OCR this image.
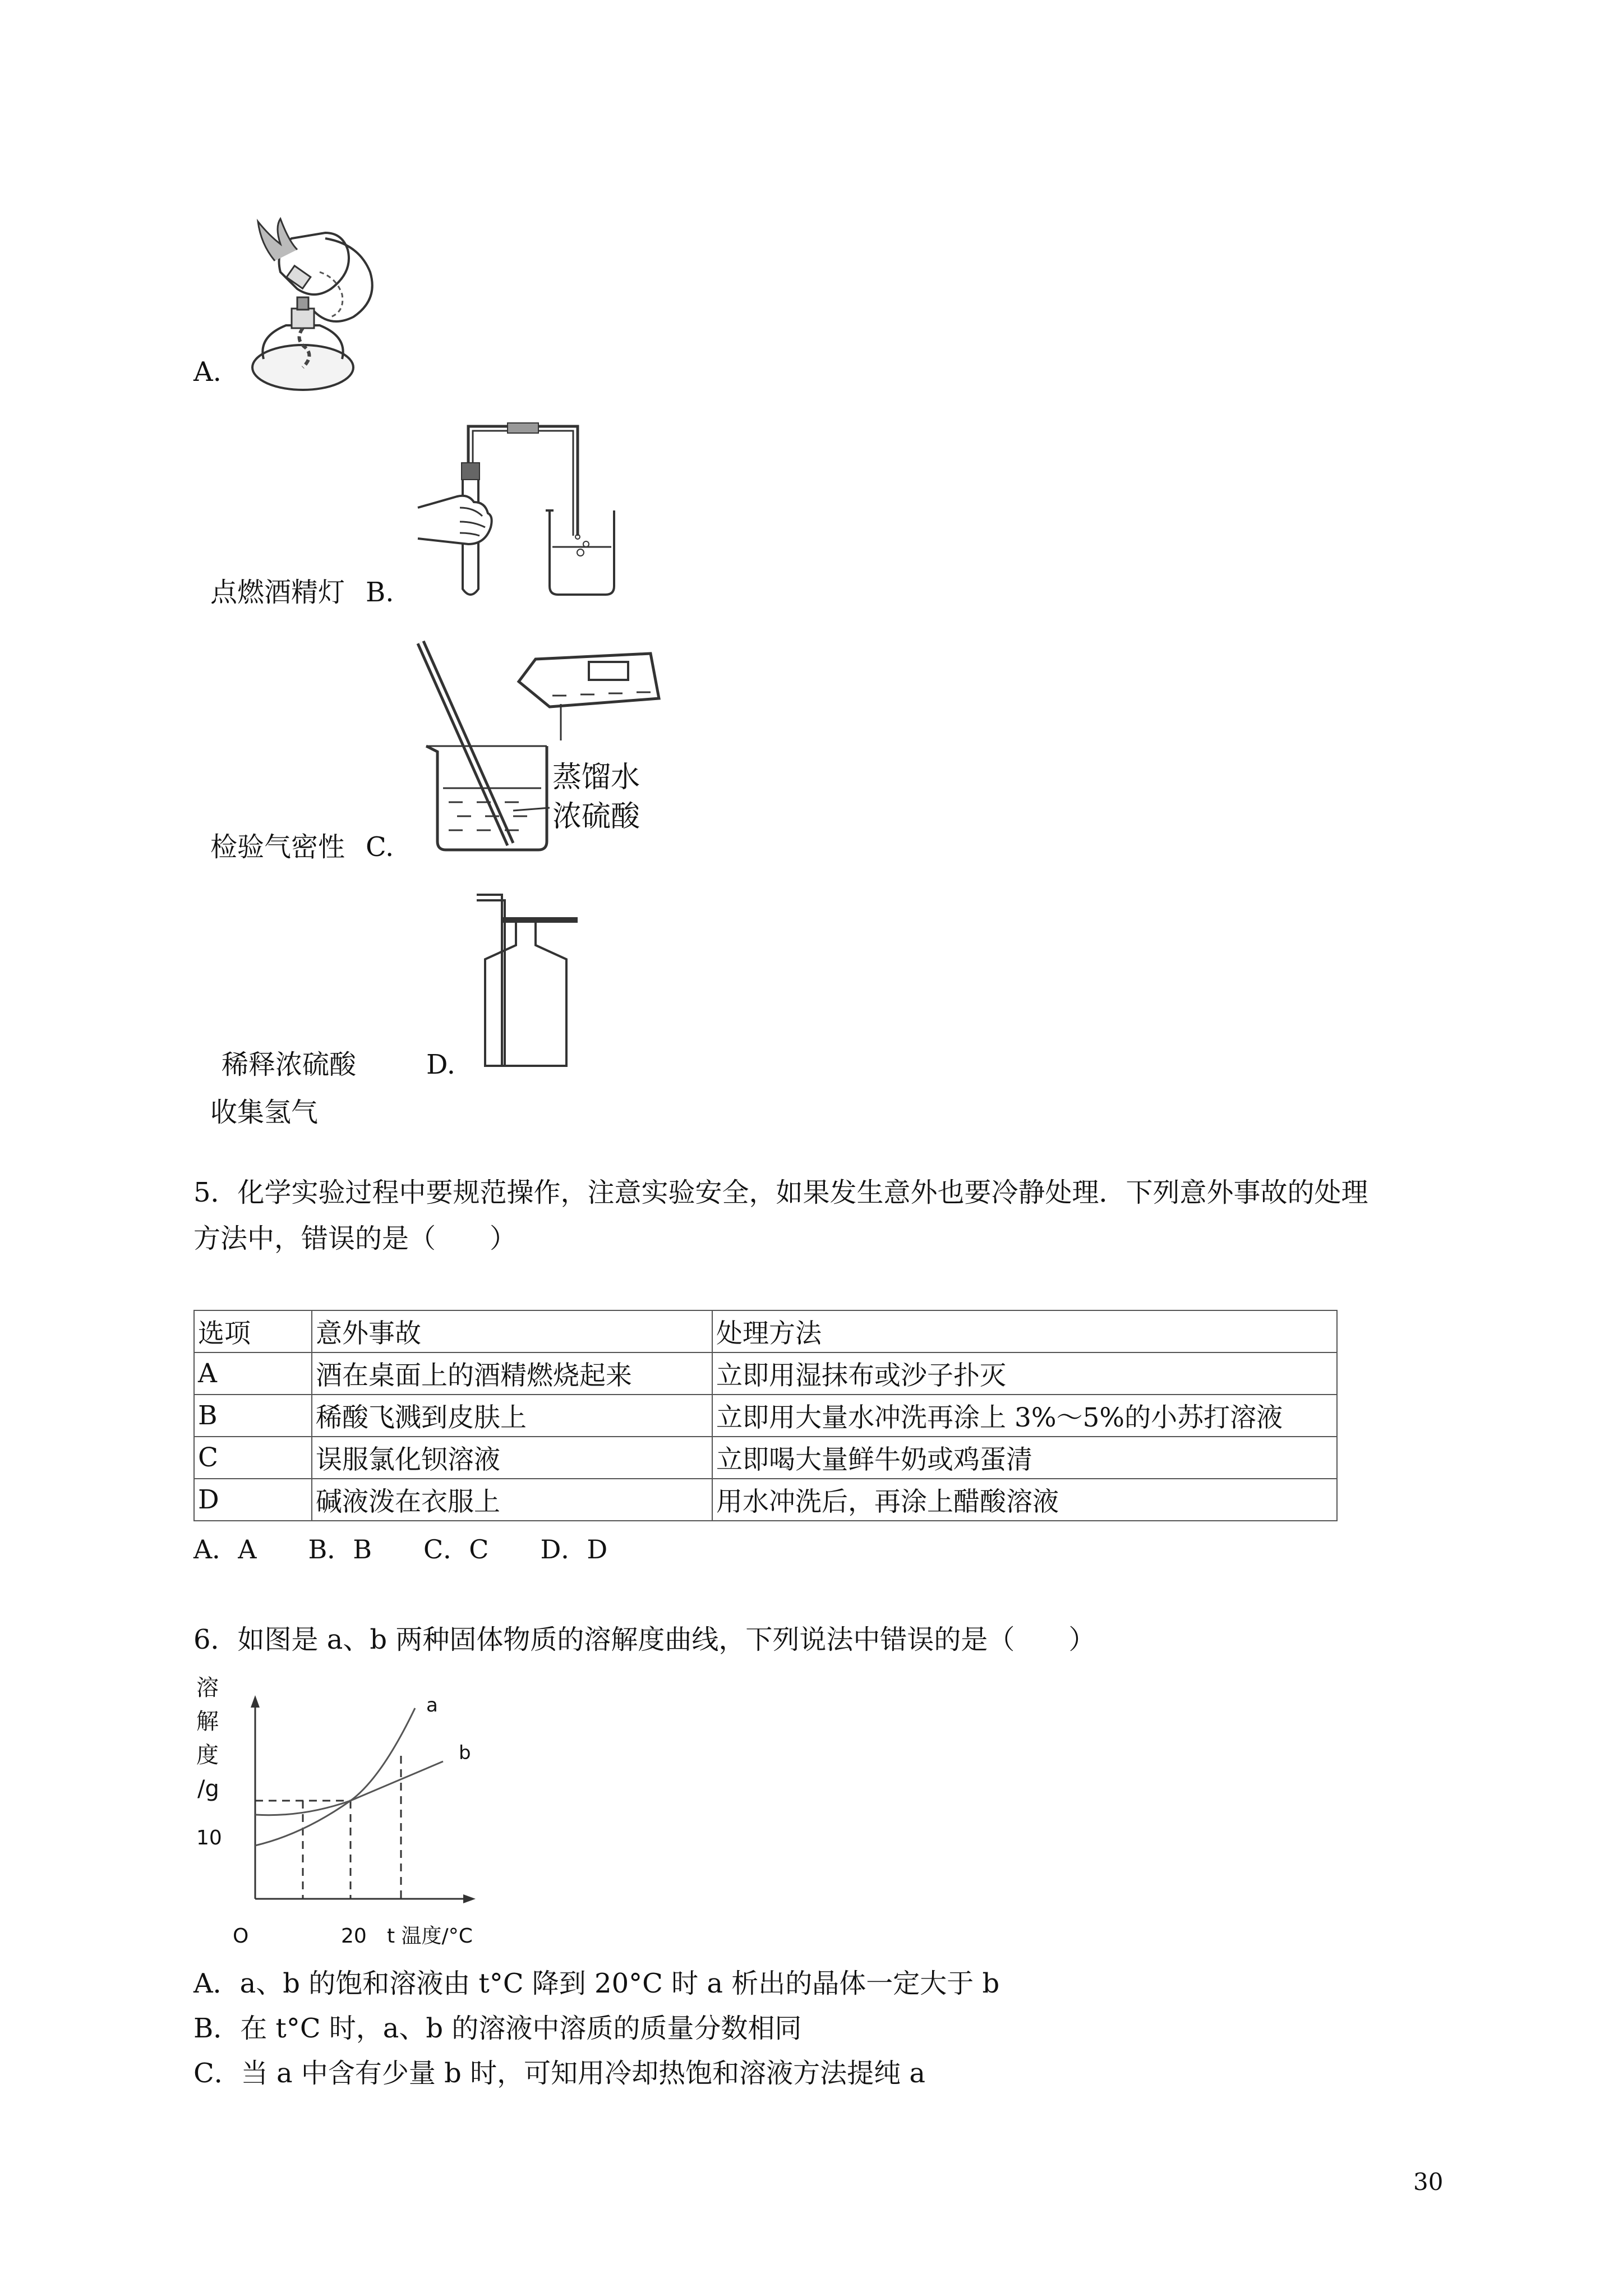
A.
点燃酒精灯 B.
蒸馏水
浓硫酸
检验气密性 C.
稀释浓硫酸	D.
收集氢气
5．化学实验过程中要规范操作，注意实验安全，如果发生意外也要冷静处理．下列意外事故的处理
方法中，错误的是（　　）
选项	意外事故	处理方法
A	酒在桌面上的酒精燃烧起来	立即用湿抹布或沙子扑灭
B	稀酸飞溅到皮肤上	立即用大量水冲洗再涂上 3%～5%的小苏打溶液
C	误服氯化钡溶液	立即喝大量鲜牛奶或鸡蛋清
D	碱液泼在衣服上	用水冲洗后，再涂上醋酸溶液
A．A　　B．B　　C．C　　D．D
6．如图是 a、b 两种固体物质的溶解度曲线，下列说法中错误的是（　　）
溶
解
度
/g
a
b
10
O	20 t 温度/°C
A．a、b 的饱和溶液由 t°C 降到 20°C 时 a 析出的晶体一定大于 b
B．在 t°C 时，a、b 的溶液中溶质的质量分数相同
C．当 a 中含有少量 b 时，可知用冷却热饱和溶液方法提纯 a
30
